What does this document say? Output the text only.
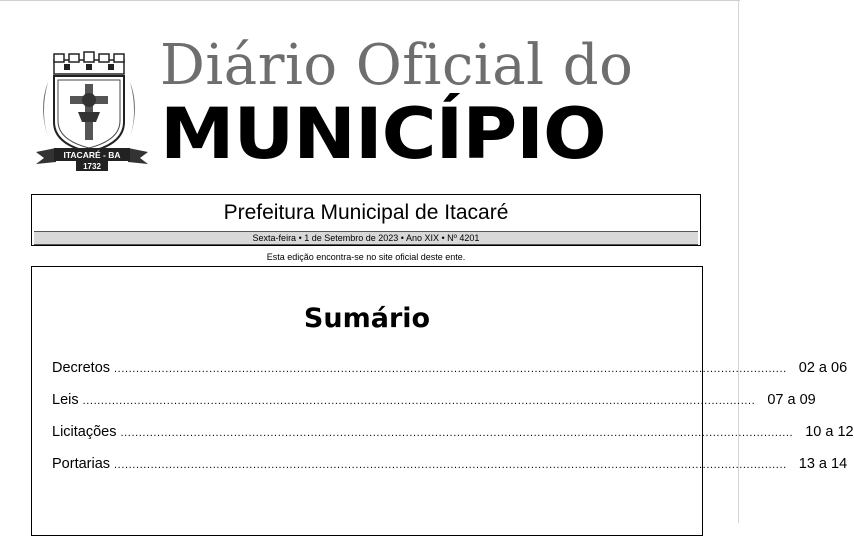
ITACARÉ - BA
1732
Diário Oficial do
MUNICÍPIO
Prefeitura Municipal de Itacaré
Sexta-feira • 1 de Setembro de 2023 • Ano XIX • Nº 4201
Esta edição encontra-se no site oficial deste ente.
Sumário
Decretos ........................................................................................................................................................................................ 02 a 06
Leis ........................................................................................................................................................................................ 07 a 09
Licitações ........................................................................................................................................................................................ 10 a 12
Portarias ........................................................................................................................................................................................ 13 a 14
